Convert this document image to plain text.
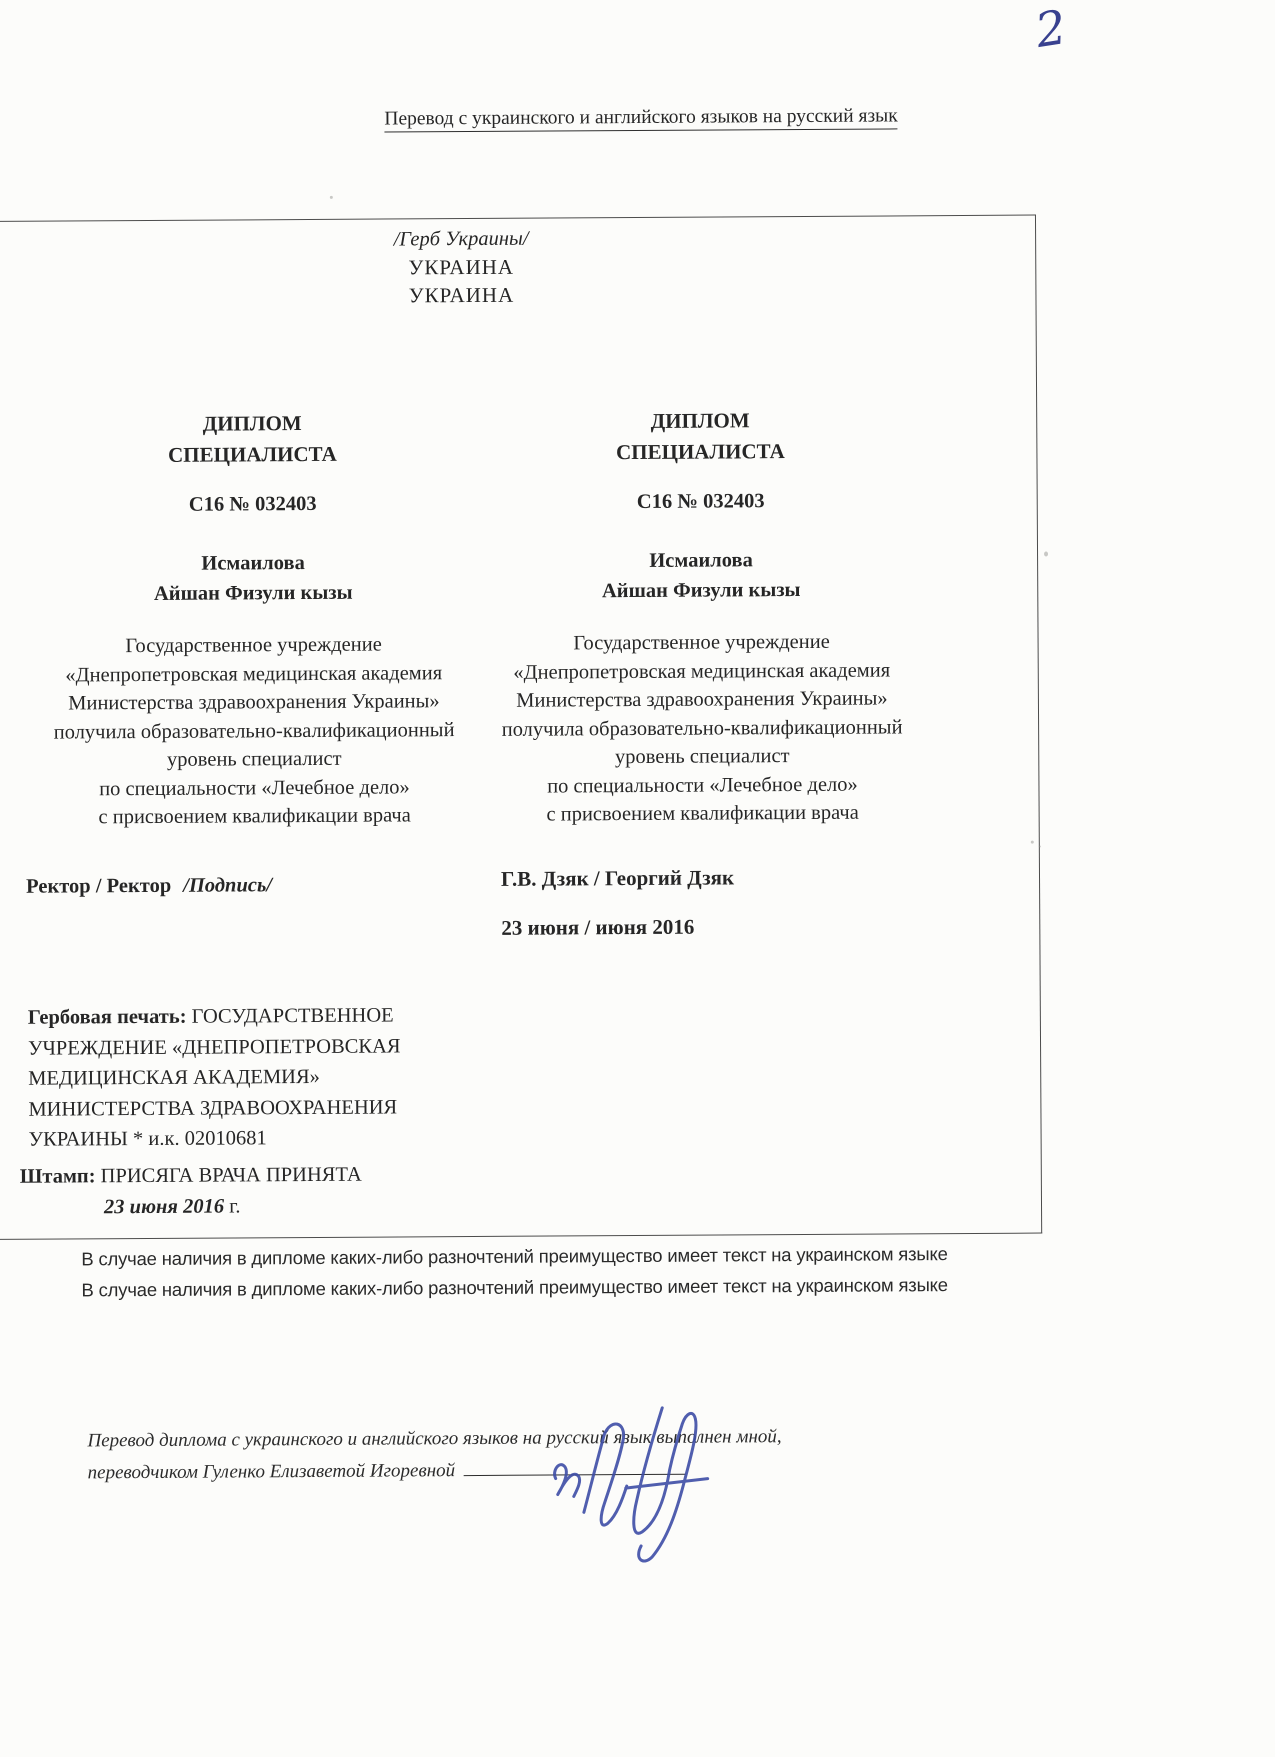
Перевод с украинского и английского языков на русский язык
/Герб Украины/
УКРАИНА
УКРАИНА
ДИПЛОМ
СПЕЦИАЛИСТА
С16 № 032403
Исмаилова
Айшан Физули кызы
Государственное учреждение
«Днепропетровская медицинская академия
Министерства здравоохранения Украины»
получила образовательно-квалификационный
уровень специалист
по специальности «Лечебное дело»
с присвоением квалификации врача
Ректор / Ректор /Подпись/
ДИПЛОМ
СПЕЦИАЛИСТА
С16 № 032403
Исмаилова
Айшан Физули кызы
Государственное учреждение
«Днепропетровская медицинская академия
Министерства здравоохранения Украины»
получила образовательно-квалификационный
уровень специалист
по специальности «Лечебное дело»
с присвоением квалификации врача
Г.В. Дзяк / Георгий Дзяк
23 июня / июня 2016
Гербовая печать: ГОСУДАРСТВЕННОЕ
УЧРЕЖДЕНИЕ «ДНЕПРОПЕТРОВСКАЯ
МЕДИЦИНСКАЯ АКАДЕМИЯ»
МИНИСТЕРСТВА ЗДРАВООХРАНЕНИЯ
УКРАИНЫ * и.к. 02010681
Штамп: ПРИСЯГА ВРАЧА ПРИНЯТА
23 июня 2016 г.
В случае наличия в дипломе каких-либо разночтений преимущество имеет текст на украинском языке
В случае наличия в дипломе каких-либо разночтений преимущество имеет текст на украинском языке
Перевод диплома с украинского и английского языков на русский язык выполнен мной,
переводчиком Гуленко Елизаветой Игоревной
2
